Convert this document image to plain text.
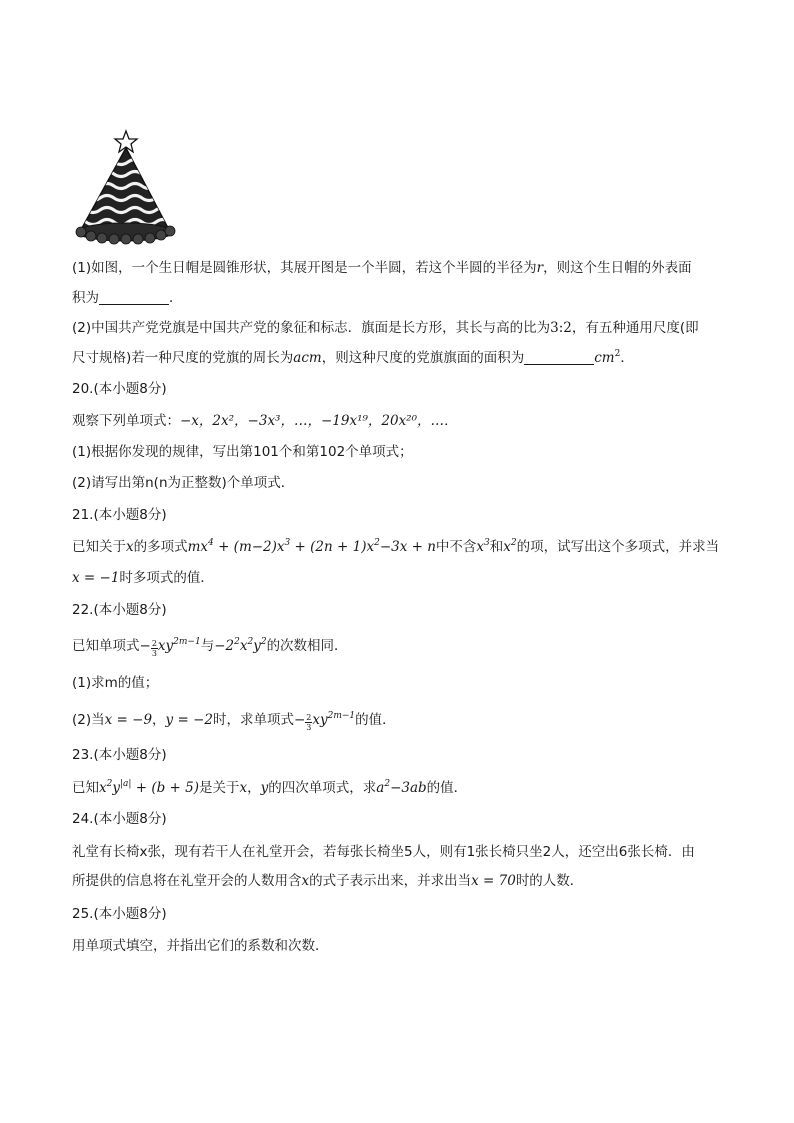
(1)如图，一个生日帽是圆锥形状，其展开图是一个半圆，若这个半圆的半径为r，则这个生日帽的外表面
积为	．
(2)中国共产党党旗是中国共产党的象征和标志．旗面是长方形，其长与高的比为3:2，有五种通用尺度(即
尺寸规格)若一种尺度的党旗的周长为acm，则这种尺度的党旗旗面的面积为	$cm^2$．
20.(本小题8分)
观察下列单项式：−x，2x²，−3x³，…，−19x¹⁹，20x²⁰，…．
(1)根据你发现的规律，写出第101个和第102个单项式；
(2)请写出第n(n为正整数)个单项式．
21.(本小题8分)
已知关于x的多项式$mx^4 + (m-2)x^3 + (2n + 1)x^2-3x + n$中不含$x^3$和$x^2$的项，试写出这个多项式，并求当
x = −1时多项式的值．
22.(本小题8分)
已知单项式− $\frac{2}{3} xy^{2m-1}$与$-2^2x^2y^2$的次数相同．
(1)求m的值；
(2)当x = −9，y = −2时，求单项式− $\frac{2}{3} xy^{2m-1}$的值．
23.(本小题8分)
已知$x^2y^{|a|} + (b + 5)$是关于x，y的四次单项式，求$a^2-3ab$的值．
24.(本小题8分)
礼堂有长椅x张，现有若干人在礼堂开会，若每张长椅坐5人，则有1张长椅只坐2人，还空出6张长椅．由
所提供的信息将在礼堂开会的人数用含x的式子表示出来，并求出当x = 70时的人数．
25.(本小题8分)
用单项式填空，并指出它们的系数和次数．
